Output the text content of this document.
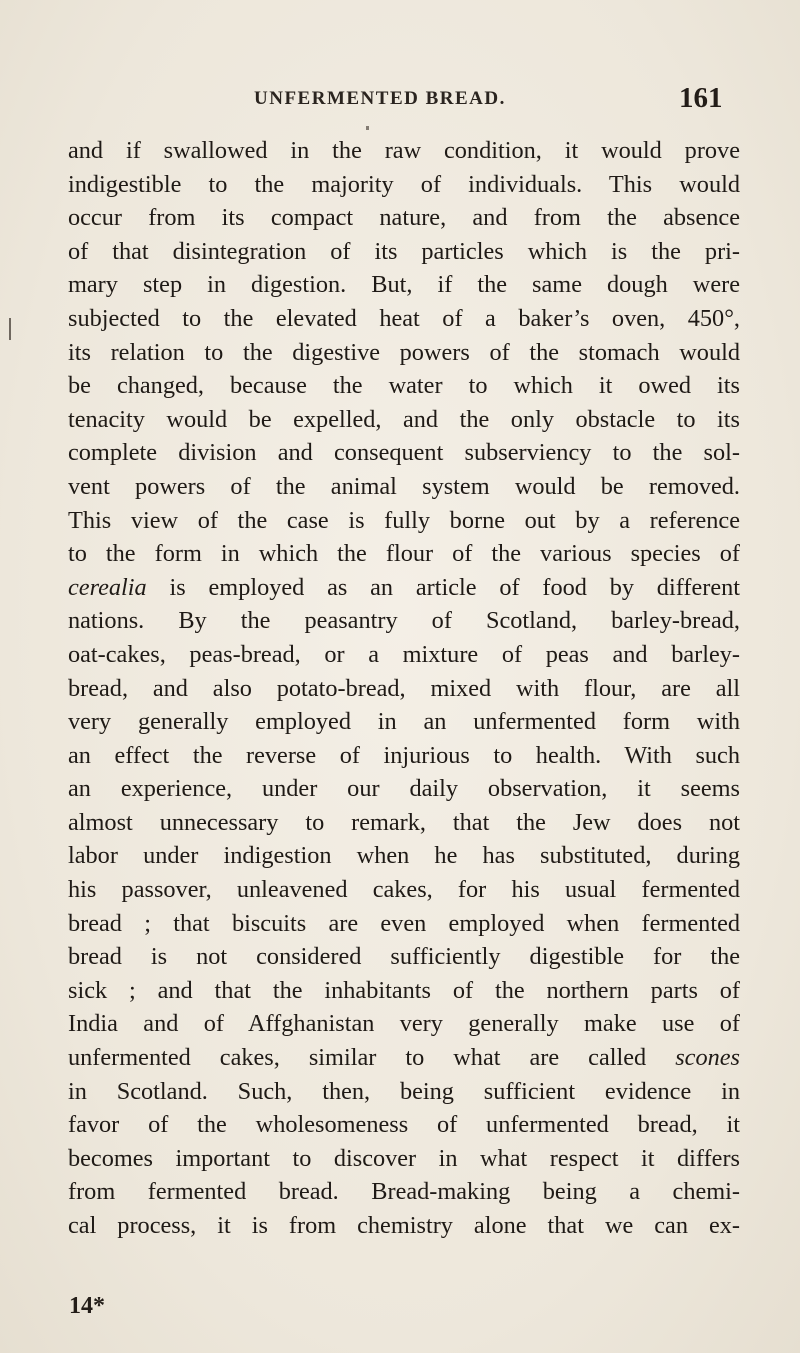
UNFERMENTED BREAD.	161
and if swallowed in the raw condition, it would prove
indigestible to the majority of individuals. This would
occur from its compact nature, and from the absence
of that disintegration of its particles which is the pri-
mary step in digestion. But, if the same dough were
subjected to the elevated heat of a baker’s oven, 450°,
its relation to the digestive powers of the stomach would
be changed, because the water to which it owed its
tenacity would be expelled, and the only obstacle to its
complete division and consequent subserviency to the sol-
vent powers of the animal system would be removed.
This view of the case is fully borne out by a reference
to the form in which the flour of the various species of
cerealia is employed as an article of food by different
nations. By the peasantry of Scotland, barley-bread,
oat-cakes, peas-bread, or a mixture of peas and barley-
bread, and also potato-bread, mixed with flour, are all
very generally employed in an unfermented form with
an effect the reverse of injurious to health. With such
an experience, under our daily observation, it seems
almost unnecessary to remark, that the Jew does not
labor under indigestion when he has substituted, during
his passover, unleavened cakes, for his usual fermented
bread ; that biscuits are even employed when fermented
bread is not considered sufficiently digestible for the
sick ; and that the inhabitants of the northern parts of
India and of Affghanistan very generally make use of
unfermented cakes, similar to what are called scones
in Scotland. Such, then, being sufficient evidence in
favor of the wholesomeness of unfermented bread, it
becomes important to discover in what respect it differs
from fermented bread. Bread-making being a chemi-
cal process, it is from chemistry alone that we can ex-
14*
